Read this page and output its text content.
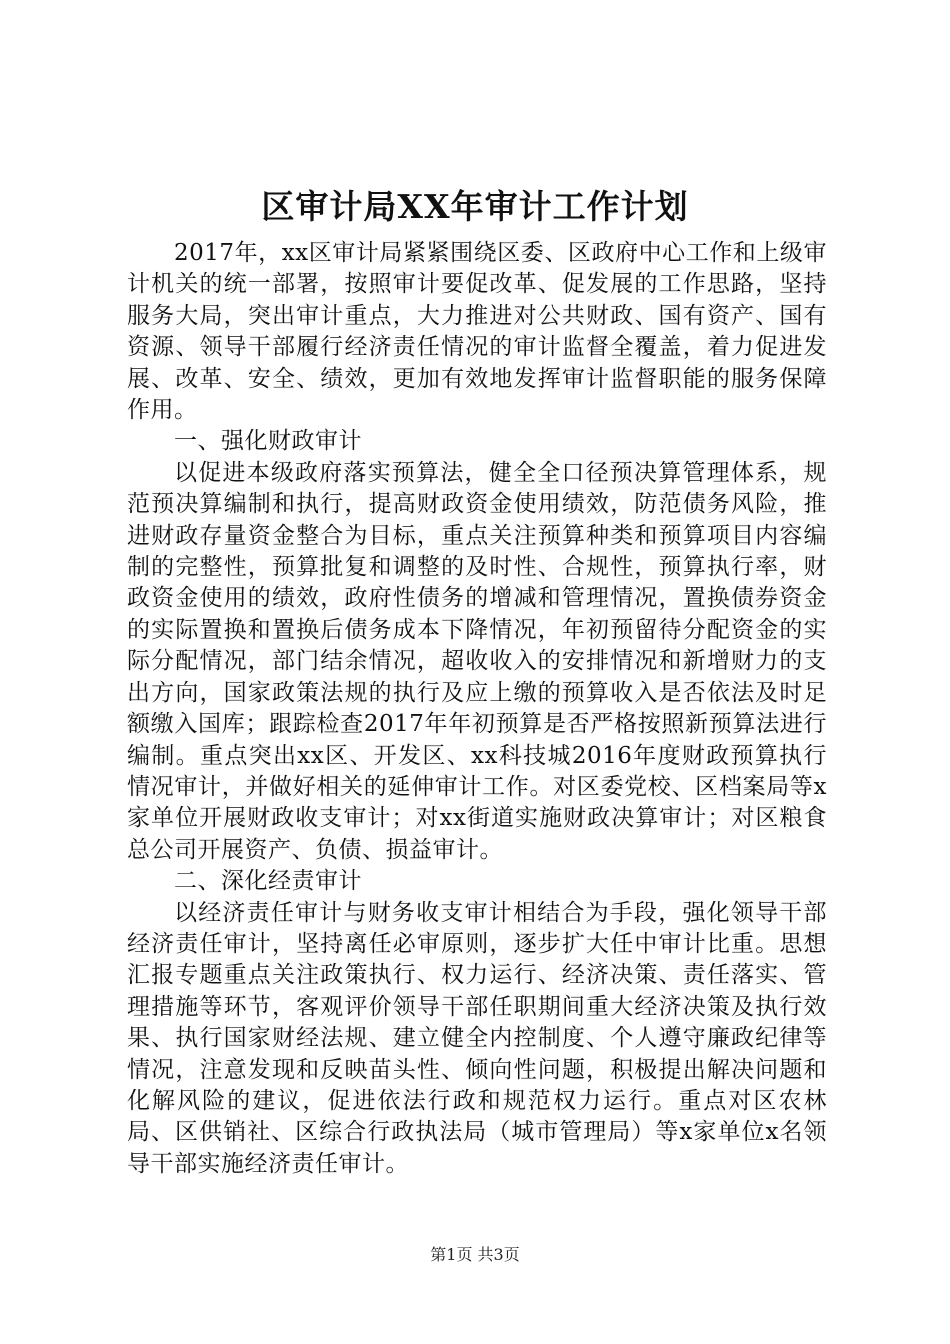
区审计局XX年审计工作计划

2017年，xx区审计局紧紧围绕区委、区政府中心工作和上级审计机关的统一部署，按照审计要促改革、促发展的工作思路，坚持服务大局，突出审计重点，大力推进对公共财政、国有资产、国有资源、领导干部履行经济责任情况的审计监督全覆盖，着力促进发展、改革、安全、绩效，更加有效地发挥审计监督职能的服务保障作用。

一、强化财政审计

以促进本级政府落实预算法，健全全口径预决算管理体系，规范预决算编制和执行，提高财政资金使用绩效，防范债务风险，推进财政存量资金整合为目标，重点关注预算种类和预算项目内容编制的完整性，预算批复和调整的及时性、合规性，预算执行率，财政资金使用的绩效，政府性债务的增减和管理情况，置换债券资金的实际置换和置换后债务成本下降情况，年初预留待分配资金的实际分配情况，部门结余情况，超收收入的安排情况和新增财力的支出方向，国家政策法规的执行及应上缴的预算收入是否依法及时足额缴入国库；跟踪检查2017年年初预算是否严格按照新预算法进行编制。重点突出xx区、开发区、xx科技城2016年度财政预算执行情况审计，并做好相关的延伸审计工作。对区委党校、区档案局等x家单位开展财政收支审计；对xx街道实施财政决算审计；对区粮食总公司开展资产、负债、损益审计。

二、深化经责审计

以经济责任审计与财务收支审计相结合为手段，强化领导干部经济责任审计，坚持离任必审原则，逐步扩大任中审计比重。思想汇报专题重点关注政策执行、权力运行、经济决策、责任落实、管理措施等环节，客观评价领导干部任职期间重大经济决策及执行效果、执行国家财经法规、建立健全内控制度、个人遵守廉政纪律等情况，注意发现和反映苗头性、倾向性问题，积极提出解决问题和化解风险的建议，促进依法行政和规范权力运行。重点对区农林局、区供销社、区综合行政执法局（城市管理局）等x家单位x名领导干部实施经济责任审计。

第1页 共3页
